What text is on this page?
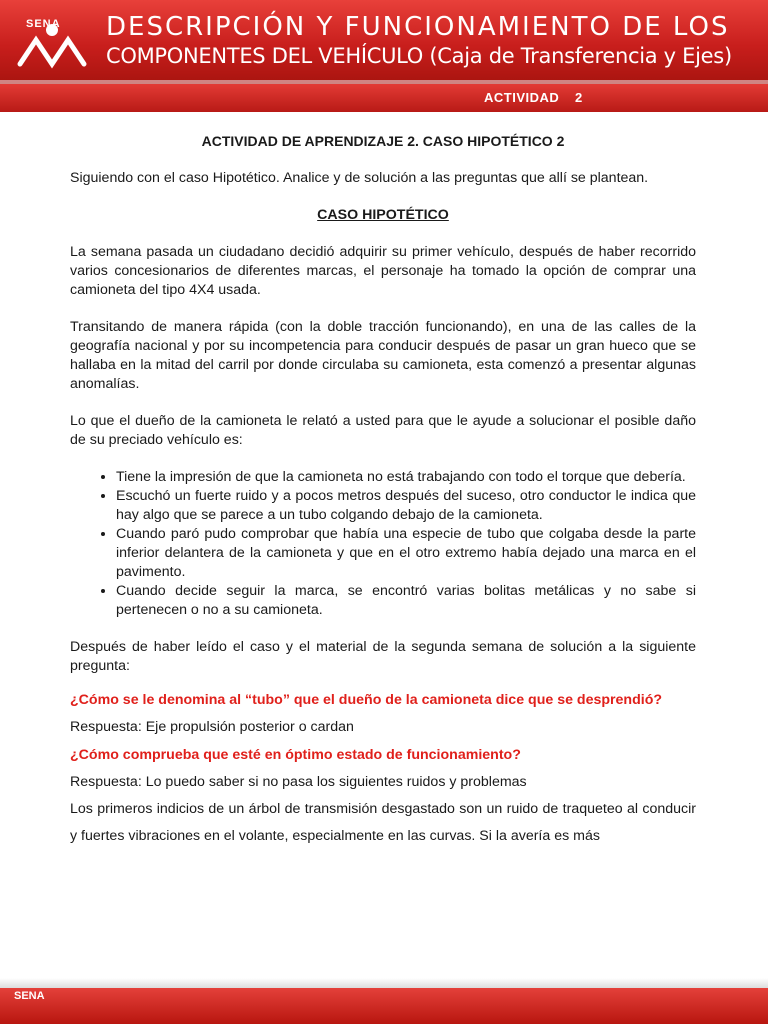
SENA DESCRIPCIÓN Y FUNCIONAMIENTO DE LOS
COMPONENTES DEL VEHÍCULO (Caja de Transferencia y Ejes)
ACTIVIDAD 2
ACTIVIDAD DE APRENDIZAJE 2. CASO HIPOTÉTICO 2
Siguiendo con el caso Hipotético. Analice y de solución a las preguntas que allí se plantean.
CASO HIPOTÉTICO
La semana pasada un ciudadano decidió adquirir su primer vehículo, después de haber recorrido varios concesionarios de diferentes marcas, el personaje ha tomado la opción de comprar una camioneta del tipo 4X4 usada.
Transitando de manera rápida (con la doble tracción funcionando), en una de las calles de la geografía nacional y por su incompetencia para conducir después de pasar un gran hueco que se hallaba en la mitad del carril por donde circulaba su camioneta, esta comenzó a presentar algunas anomalías.
Lo que el dueño de la camioneta le relató a usted para que le ayude a solucionar el posible daño de su preciado vehículo es:
• Tiene la impresión de que la camioneta no está trabajando con todo el torque que debería.
• Escuchó un fuerte ruido y a pocos metros después del suceso, otro conductor le indica que hay algo que se parece a un tubo colgando debajo de la camioneta.
• Cuando paró pudo comprobar que había una especie de tubo que colgaba desde la parte inferior delantera de la camioneta y que en el otro extremo había dejado una marca en el pavimento.
• Cuando decide seguir la marca, se encontró varias bolitas metálicas y no sabe si pertenecen o no a su camioneta.
Después de haber leído el caso y el material de la segunda semana de solución a la siguiente pregunta:
¿Cómo se le denomina al “tubo” que el dueño de la camioneta dice que se desprendió?
Respuesta: Eje propulsión posterior o cardan
¿Cómo comprueba que esté en óptimo estado de funcionamiento?
Respuesta: Lo puedo saber si no pasa los siguientes ruidos y problemas
Los primeros indicios de un árbol de transmisión desgastado son un ruido de traqueteo al conducir y fuertes vibraciones en el volante, especialmente en las curvas. Si la avería es más
SENA
